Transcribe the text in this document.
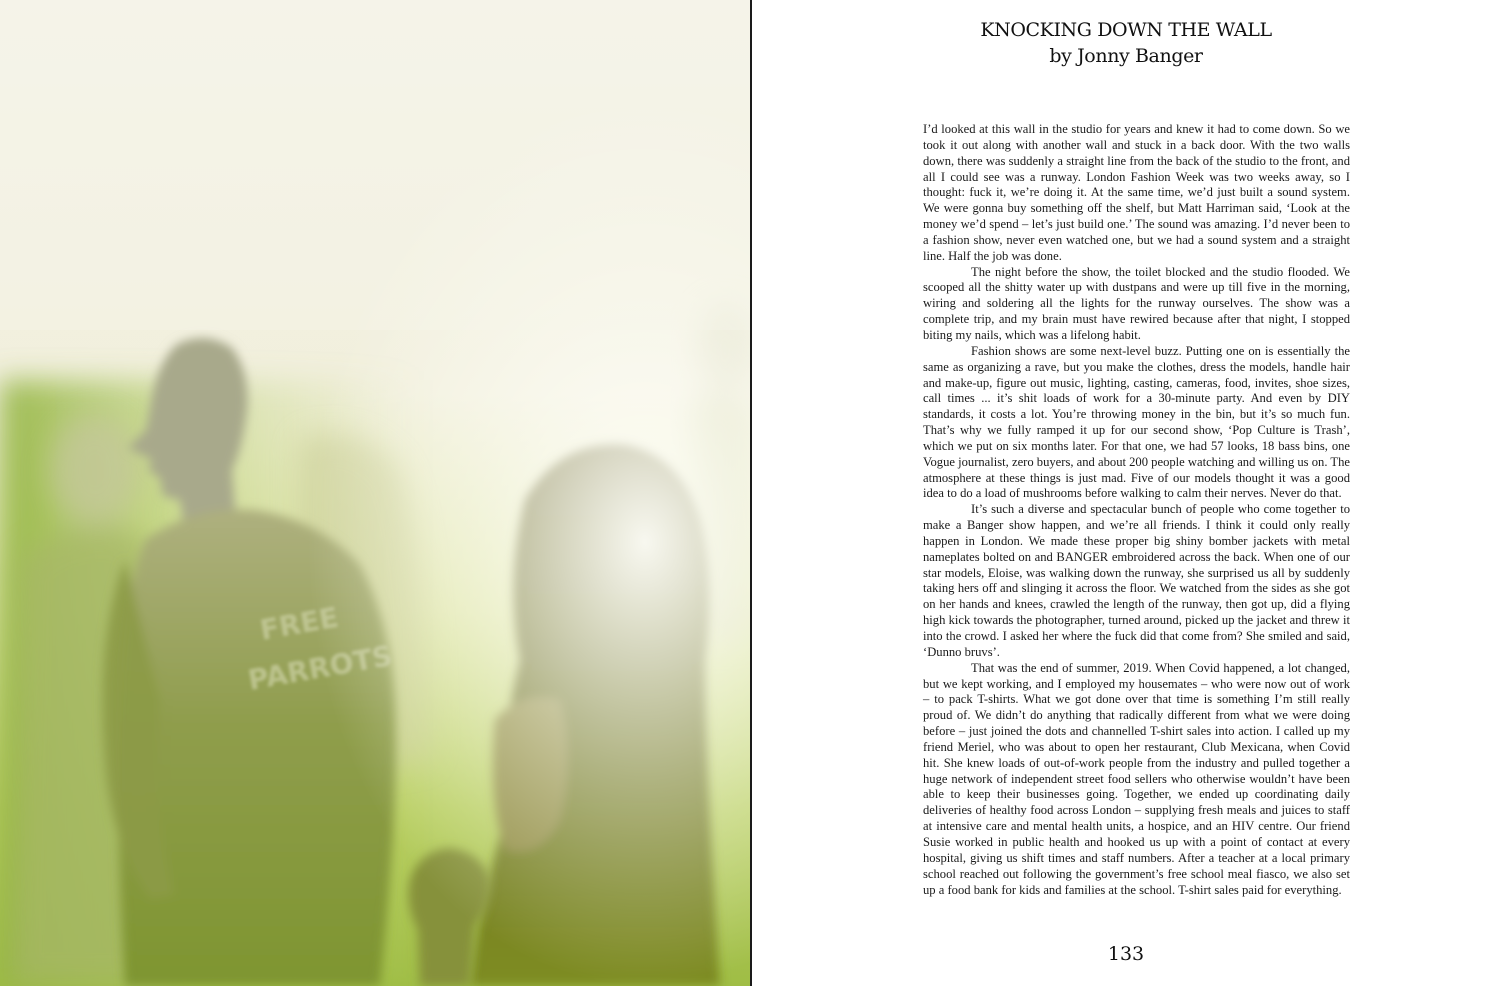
KNOCKING DOWN THE WALL
by Jonny Banger

I’d looked at this wall in the studio for years and knew it had to come down. So we took it out along with another wall and stuck in a back door. With the two walls down, there was suddenly a straight line from the back of the studio to the front, and all I could see was a runway. London Fashion Week was two weeks away, so I thought: fuck it, we’re doing it. At the same time, we’d just built a sound system. We were gonna buy something off the shelf, but Matt Harriman said, ‘Look at the money we’d spend – let’s just build one.’ The sound was amazing. I’d never been to a fashion show, never even watched one, but we had a sound system and a straight line. Half the job was done.

The night before the show, the toilet blocked and the studio flooded. We scooped all the shitty water up with dustpans and were up till five in the morning, wiring and soldering all the lights for the runway ourselves. The show was a complete trip, and my brain must have rewired because after that night, I stopped biting my nails, which was a lifelong habit.

Fashion shows are some next-level buzz. Putting one on is essentially the same as organizing a rave, but you make the clothes, dress the models, handle hair and make-up, figure out music, lighting, casting, cameras, food, invites, shoe sizes, call times ... it’s shit loads of work for a 30-minute party. And even by DIY standards, it costs a lot. You’re throwing money in the bin, but it’s so much fun. That’s why we fully ramped it up for our second show, ‘Pop Culture is Trash’, which we put on six months later. For that one, we had 57 looks, 18 bass bins, one Vogue journalist, zero buyers, and about 200 people watching and willing us on. The atmosphere at these things is just mad. Five of our models thought it was a good idea to do a load of mushrooms before walking to calm their nerves. Never do that.

It’s such a diverse and spectacular bunch of people who come together to make a Banger show happen, and we’re all friends. I think it could only really happen in London. We made these proper big shiny bomber jackets with metal nameplates bolted on and BANGER embroidered across the back. When one of our star models, Eloise, was walking down the runway, she surprised us all by suddenly taking hers off and slinging it across the floor. We watched from the sides as she got on her hands and knees, crawled the length of the runway, then got up, did a flying high kick towards the photographer, turned around, picked up the jacket and threw it into the crowd. I asked her where the fuck did that come from? She smiled and said, ‘Dunno bruvs’.

That was the end of summer, 2019. When Covid happened, a lot changed, but we kept working, and I employed my housemates – who were now out of work – to pack T-shirts. What we got done over that time is something I’m still really proud of. We didn’t do anything that radically different from what we were doing before – just joined the dots and channelled T-shirt sales into action. I called up my friend Meriel, who was about to open her restaurant, Club Mexicana, when Covid hit. She knew loads of out-of-work people from the industry and pulled together a huge network of independent street food sellers who otherwise wouldn’t have been able to keep their businesses going. Together, we ended up coordinating daily deliveries of healthy food across London – supplying fresh meals and juices to staff at intensive care and mental health units, a hospice, and an HIV centre. Our friend Susie worked in public health and hooked us up with a point of contact at every hospital, giving us shift times and staff numbers. After a teacher at a local primary school reached out following the government’s free school meal fiasco, we also set up a food bank for kids and families at the school. T-shirt sales paid for everything.

133
